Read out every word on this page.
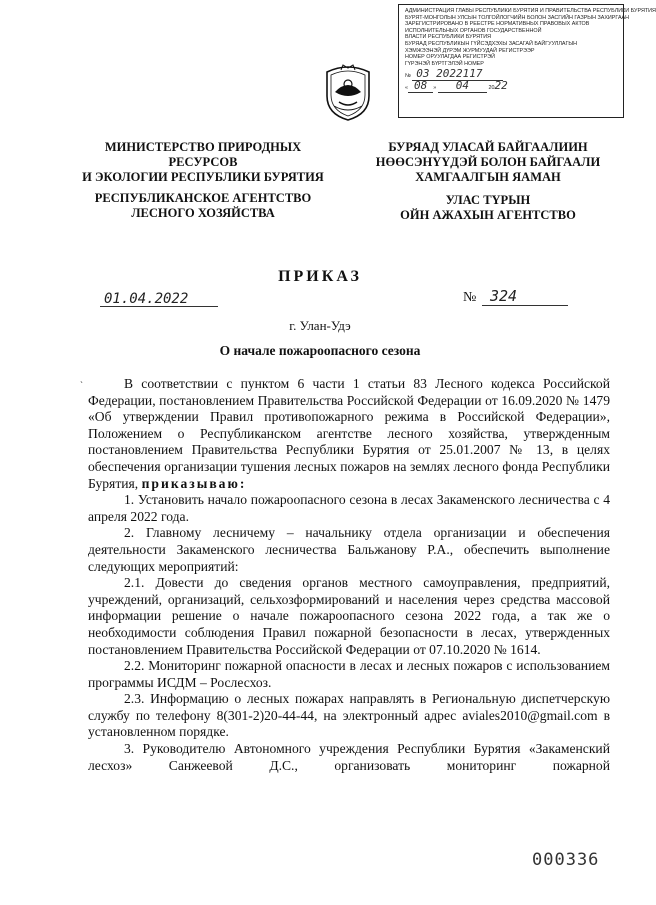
АДМИНИСТРАЦИЯ ГЛАВЫ РЕСПУБЛИКИ БУРЯТИЯ И ПРАВИТЕЛЬСТВА РЕСПУБЛИКИ БУРЯТИЯ
БУРЯТ-МОНГОЛЫН УЛСЫН ТОЛГОЙЛОГЧИЙН БОЛОН ЗАСГИЙН ГАЗРЫН ЗАХИРГААН
ЗАРЕГИСТРИРОВАНО В РЕЕСТРЕ НОРМАТИВНЫХ ПРАВОВЫХ АКТОВ
ИСПОЛНИТЕЛЬНЫХ ОРГАНОВ ГОСУДАРСТВЕННОЙ
ВЛАСТИ РЕСПУБЛИКИ БУРЯТИЯ
БУРЯАД РЕСПУБЛИКЫН ГҮЙСЭДХЭХЫ ЗАСАГАЙ БАЙГУУЛЛАГЫН
ХЭМЖЭЭНЭЙ ДҮРЭМ ЖУРМУУДАЙ РЕГИСТРЭЭР
НОМЕР ОРУУЛАГДАА РЕГИСТРЭЙ
ГҮРЭНЭЙ БҮРТГЭЛЭЙ НОМЕР
№ 03 2022117
« 08 » 04	2022
МИНИСТЕРСТВО ПРИРОДНЫХ РЕСУРСОВ
И ЭКОЛОГИИ РЕСПУБЛИКИ БУРЯТИЯ
РЕСПУБЛИКАНСКОЕ АГЕНТСТВО
ЛЕСНОГО ХОЗЯЙСТВА
БУРЯАД УЛАСАЙ БАЙГААЛИИН
НӨӨСЭНҮҮДЭЙ БОЛОН БАЙГААЛИ
ХАМГААЛГЫН ЯАМАН
УЛАС ТҮРЫН
ОЙН АЖАХЫН АГЕНТСТВО
ПРИКАЗ
01.04.2022	№ 324
г. Улан-Удэ
О начале пожароопасного сезона
`	В соответствии с пунктом 6 части 1 статьи 83 Лесного кодекса Российской Федерации, постановлением Правительства Российской Федерации от 16.09.2020 № 1479 «Об утверждении Правил противопожарного режима в Российской Федерации», Положением о Республиканском агентстве лесного хозяйства, утвержденным постановлением Правительства Республики Бурятия от 25.01.2007 № 13, в целях обеспечения организации тушения лесных пожаров на землях лесного фонда Республики Бурятия, приказываю:

1. Установить начало пожароопасного сезона в лесах Закаменского лесничества с 4 апреля 2022 года.

2. Главному лесничему – начальнику отдела организации и обеспечения деятельности Закаменского лесничества Бальжанову Р.А., обеспечить выполнение следующих мероприятий:

2.1. Довести до сведения органов местного самоуправления, предприятий, учреждений, организаций, сельхозформирований и населения через средства массовой информации решение о начале пожароопасного сезона 2022 года, а так же о необходимости соблюдения Правил пожарной безопасности в лесах, утвержденных постановлением Правительства Российской Федерации от 07.10.2020 № 1614.

2.2. Мониторинг пожарной опасности в лесах и лесных пожаров с использованием программы ИСДМ – Рослесхоз.

2.3. Информацию о лесных пожарах направлять в Региональную диспетчерскую службу по телефону 8(301-2)20-44-44, на электронный адрес aviales2010@gmail.com в установленном порядке.

3. Руководителю Автономного учреждения Республики Бурятия «Закаменский лесхоз» Санжеевой Д.С., организовать мониторинг пожарной

000336
